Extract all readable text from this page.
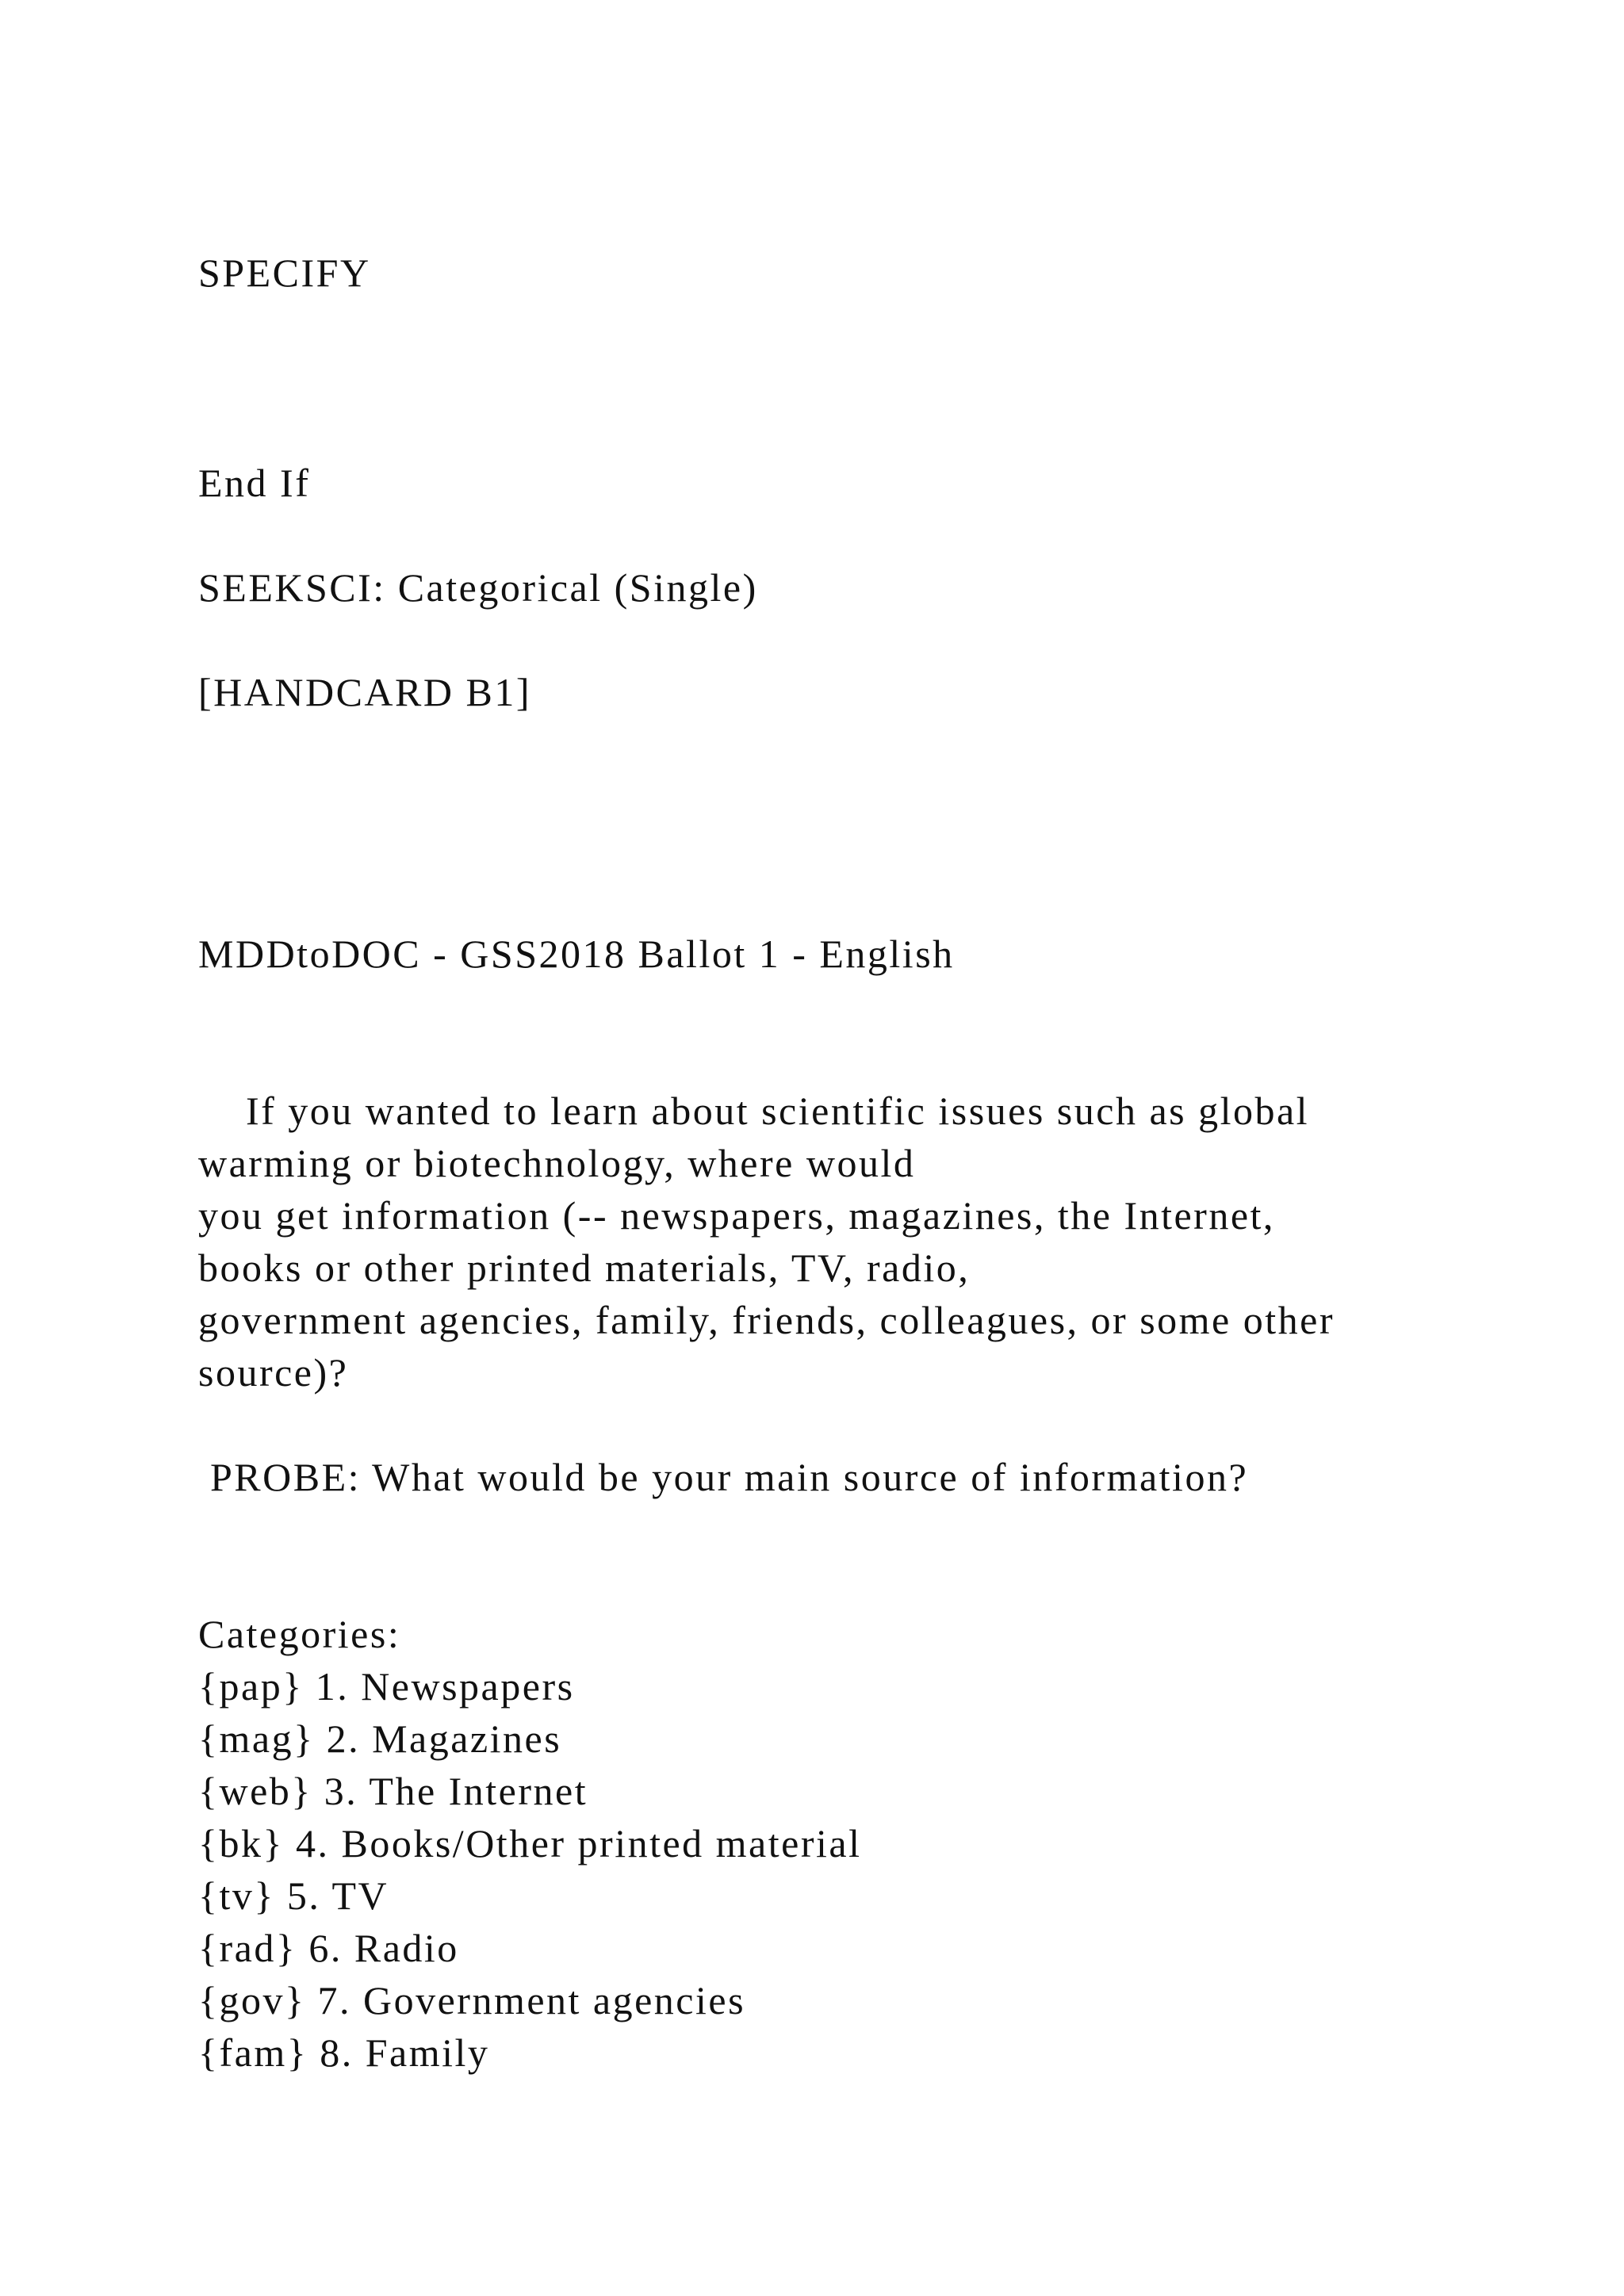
SPECIFY

End If

SEEKSCI: Categorical (Single)

[HANDCARD B1]

MDDtoDOC - GSS2018 Ballot 1 - English

If you wanted to learn about scientific issues such as global

warming or biotechnology, where would

you get information (-- newspapers, magazines, the Internet,

books or other printed materials, TV, radio,

government agencies, family, friends, colleagues, or some other

source)?

PROBE: What would be your main source of information?

Categories:

{pap} 1. Newspapers

{mag} 2. Magazines

{web} 3. The Internet

{bk} 4. Books/Other printed material

{tv} 5. TV

{rad} 6. Radio

{gov} 7. Government agencies

{fam} 8. Family
